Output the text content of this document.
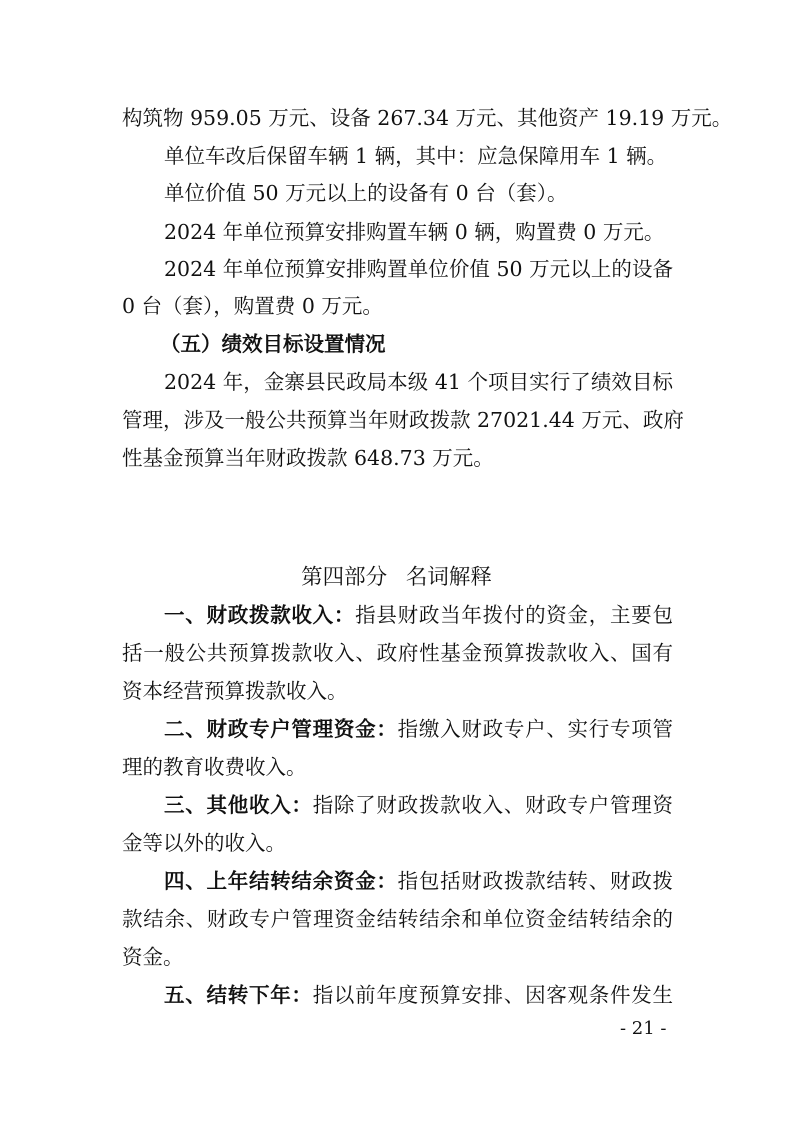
构筑物 959.05 万元、设备 267.34 万元、其他资产 19.19 万元。
单位车改后保留车辆 1 辆，其中：应急保障用车 1 辆。
单位价值 50 万元以上的设备有 0 台（套）。
2024 年单位预算安排购置车辆 0 辆，购置费 0 万元。
2024 年单位预算安排购置单位价值 50 万元以上的设备
0 台（套），购置费 0 万元。
（五）绩效目标设置情况
2024 年，金寨县民政局本级 41 个项目实行了绩效目标
管理，涉及一般公共预算当年财政拨款 27021.44 万元、政府
性基金预算当年财政拨款 648.73 万元。
第四部分 名词解释
一、财政拨款收入：指县财政当年拨付的资金，主要包
括一般公共预算拨款收入、政府性基金预算拨款收入、国有
资本经营预算拨款收入。
二、财政专户管理资金：指缴入财政专户、实行专项管
理的教育收费收入。
三、其他收入：指除了财政拨款收入、财政专户管理资
金等以外的收入。
四、上年结转结余资金：指包括财政拨款结转、财政拨
款结余、财政专户管理资金结转结余和单位资金结转结余的
资金。
五、结转下年：指以前年度预算安排、因客观条件发生
- 21 -
